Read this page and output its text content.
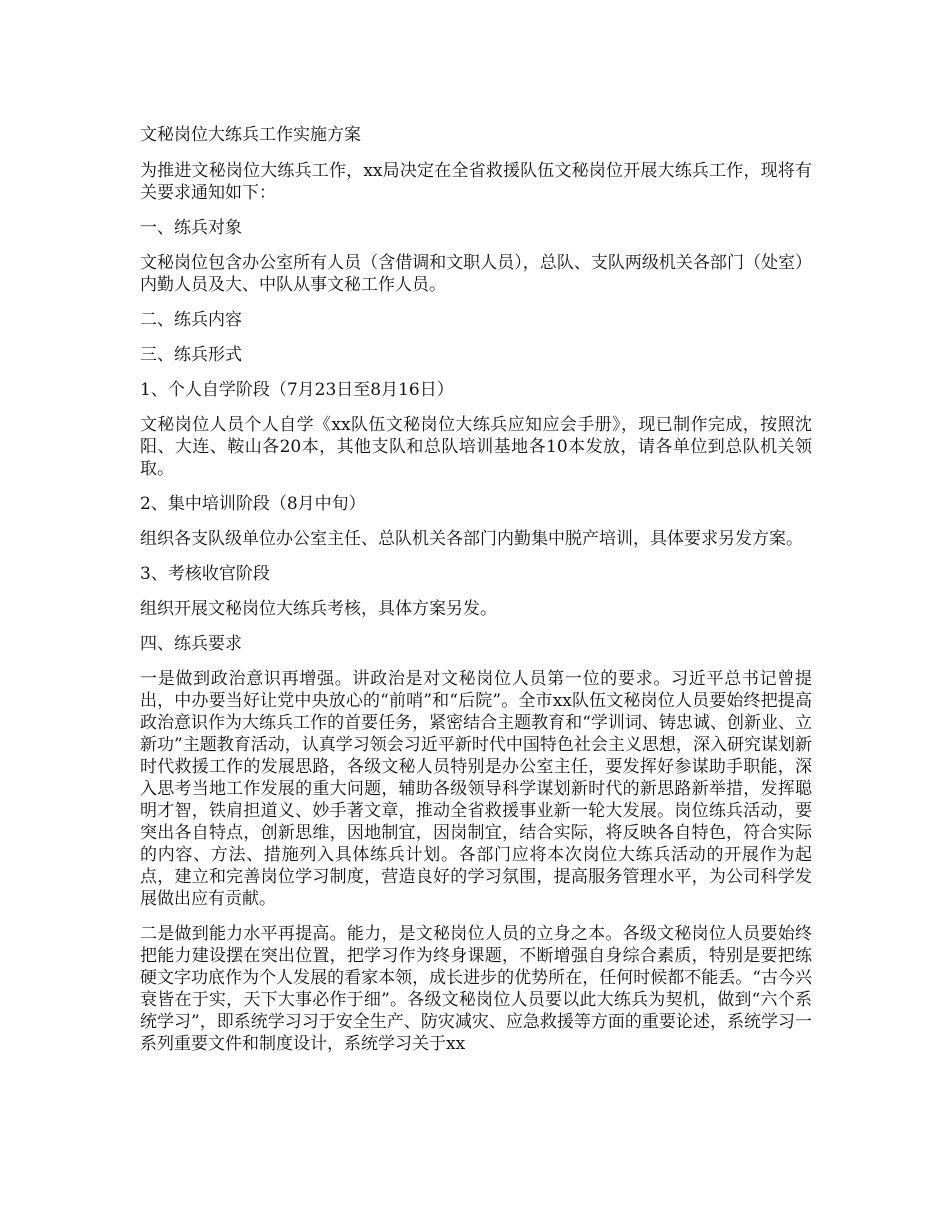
文秘岗位大练兵工作实施方案

为推进文秘岗位大练兵工作，xx局决定在全省救援队伍文秘岗位开展大练兵工作，现将有关要求通知如下：

一、练兵对象

文秘岗位包含办公室所有人员（含借调和文职人员），总队、支队两级机关各部门（处室）内勤人员及大、中队从事文秘工作人员。

二、练兵内容

三、练兵形式

1、个人自学阶段（7月23日至8月16日）

文秘岗位人员个人自学《xx队伍文秘岗位大练兵应知应会手册》，现已制作完成，按照沈阳、大连、鞍山各20本，其他支队和总队培训基地各10本发放，请各单位到总队机关领取。

2、集中培训阶段（8月中旬）

组织各支队级单位办公室主任、总队机关各部门内勤集中脱产培训，具体要求另发方案。

3、考核收官阶段

组织开展文秘岗位大练兵考核，具体方案另发。

四、练兵要求

一是做到政治意识再增强。讲政治是对文秘岗位人员第一位的要求。习近平总书记曾提出，中办要当好让党中央放心的“前哨”和“后院”。全市xx队伍文秘岗位人员要始终把提高政治意识作为大练兵工作的首要任务，紧密结合主题教育和“学训词、铸忠诚、创新业、立新功”主题教育活动，认真学习领会习近平新时代中国特色社会主义思想，深入研究谋划新时代救援工作的发展思路，各级文秘人员特别是办公室主任，要发挥好参谋助手职能，深入思考当地工作发展的重大问题，辅助各级领导科学谋划新时代的新思路新举措，发挥聪明才智，铁肩担道义、妙手著文章，推动全省救援事业新一轮大发展。岗位练兵活动，要突出各自特点，创新思维，因地制宜，因岗制宜，结合实际，将反映各自特色，符合实际的内容、方法、措施列入具体练兵计划。各部门应将本次岗位大练兵活动的开展作为起点，建立和完善岗位学习制度，营造良好的学习氛围，提高服务管理水平，为公司科学发展做出应有贡献。

二是做到能力水平再提高。能力，是文秘岗位人员的立身之本。各级文秘岗位人员要始终把能力建设摆在突出位置，把学习作为终身课题，不断增强自身综合素质，特别是要把练硬文字功底作为个人发展的看家本领，成长进步的优势所在，任何时候都不能丢。“古今兴衰皆在于实，天下大事必作于细”。各级文秘岗位人员要以此大练兵为契机，做到“六个系统学习”，即系统学习习于安全生产、防灾减灾、应急救援等方面的重要论述，系统学习一系列重要文件和制度设计，系统学习关于xx
